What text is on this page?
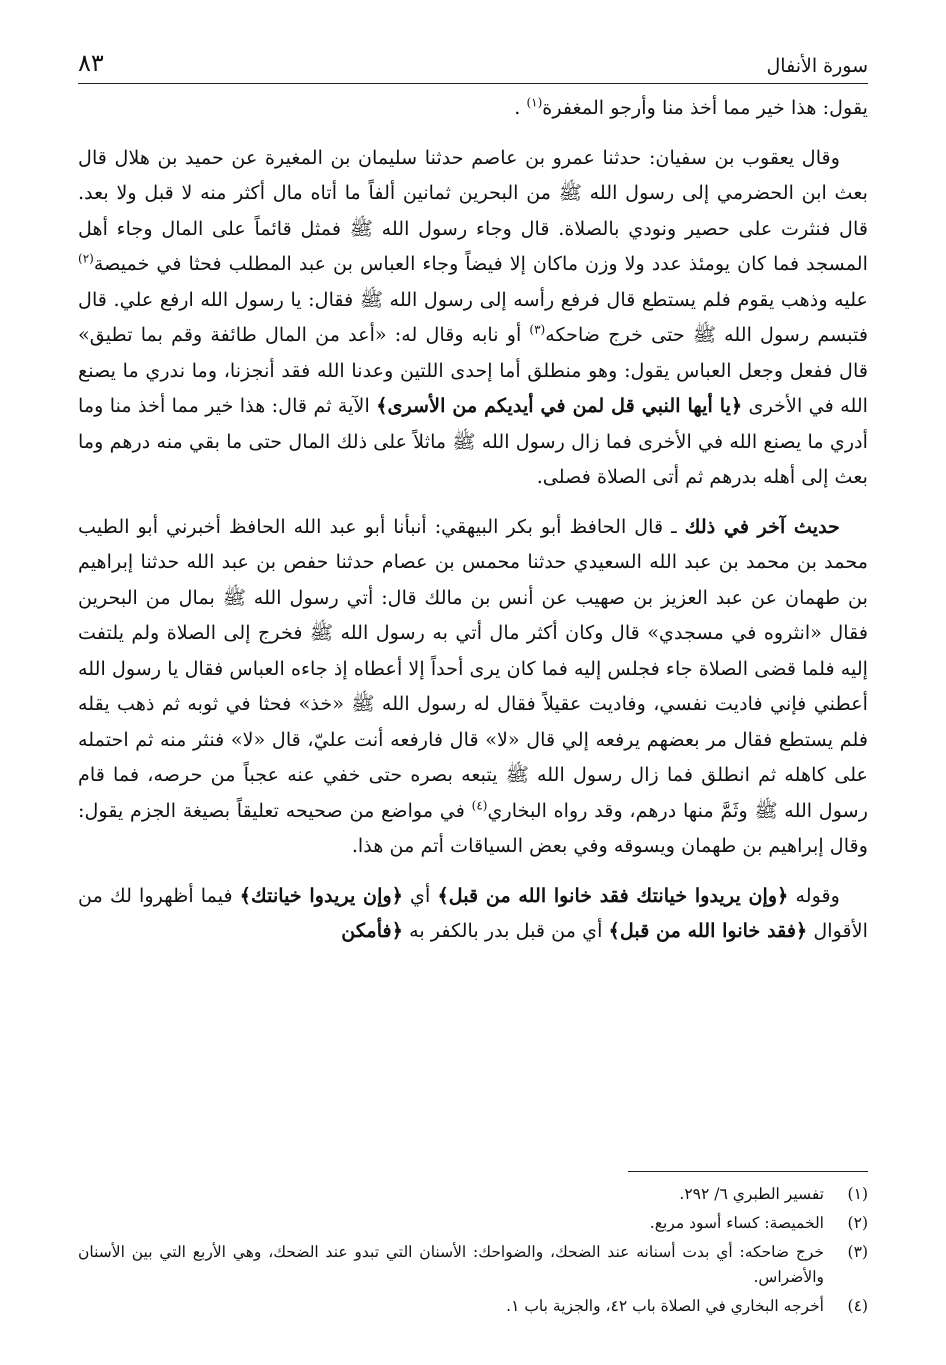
سورة الأنفال
٨٣

يقول: هذا خير مما أخذ منا وأرجو المغفرة$^{(١)}$ .

وقال يعقوب بن سفيان: حدثنا عمرو بن عاصم حدثنا سليمان بن المغيرة عن حميد بن هلال قال بعث ابن الحضرمي إلى رسول الله ﷺ من البحرين ثمانين ألفاً ما أتاه مال أكثر منه لا قبل ولا بعد. قال فنثرت على حصير ونودي بالصلاة. قال وجاء رسول الله ﷺ فمثل قائماً على المال وجاء أهل المسجد فما كان يومئذ عدد ولا وزن ماكان إلا فيضاً وجاء العباس بن عبد المطلب فحثا في خميصة$^{(٢)}$ عليه وذهب يقوم فلم يستطع قال فرفع رأسه إلى رسول الله ﷺ فقال: يا رسول الله ارفع علي. قال فتبسم رسول الله ﷺ حتى خرج ضاحكه$^{(٣)}$ أو نابه وقال له: «أعد من المال طائفة وقم بما تطيق» قال ففعل وجعل العباس يقول: وهو منطلق أما إحدى اللتين وعدنا الله فقد أنجزنا، وما ندري ما يصنع الله في الأخرى ﴿يا أيها النبي قل لمن في أيديكم من الأسرى﴾ الآية ثم قال: هذا خير مما أخذ منا وما أدري ما يصنع الله في الأخرى فما زال رسول الله ﷺ ماثلاً على ذلك المال حتى ما بقي منه درهم وما بعث إلى أهله بدرهم ثم أتى الصلاة فصلى.

حديث آخر في ذلك ـ قال الحافظ أبو بكر البيهقي: أنبأنا أبو عبد الله الحافظ أخبرني أبو الطيب محمد بن محمد بن عبد الله السعيدي حدثنا محمس بن عصام حدثنا حفص بن عبد الله حدثنا إبراهيم بن طهمان عن عبد العزيز بن صهيب عن أنس بن مالك قال: أتي رسول الله ﷺ بمال من البحرين فقال «انثروه في مسجدي» قال وكان أكثر مال أتي به رسول الله ﷺ فخرج إلى الصلاة ولم يلتفت إليه فلما قضى الصلاة جاء فجلس إليه فما كان يرى أحداً إلا أعطاه إذ جاءه العباس فقال يا رسول الله أعطني فإني فاديت نفسي، وفاديت عقيلاً فقال له رسول الله ﷺ «خذ» فحثا في ثوبه ثم ذهب يقله فلم يستطع فقال مر بعضهم يرفعه إلي قال «لا» قال فارفعه أنت عليّ، قال «لا» فنثر منه ثم احتمله على كاهله ثم انطلق فما زال رسول الله ﷺ يتبعه بصره حتى خفي عنه عجباً من حرصه، فما قام رسول الله ﷺ وثَمَّ منها درهم، وقد رواه البخاري$^{(٤)}$ في مواضع من صحيحه تعليقاً بصيغة الجزم يقول: وقال إبراهيم بن طهمان ويسوقه وفي بعض السياقات أتم من هذا.

وقوله ﴿وإن يريدوا خيانتك فقد خانوا الله من قبل﴾ أي ﴿وإن يريدوا خيانتك﴾ فيما أظهروا لك من الأقوال ﴿فقد خانوا الله من قبل﴾ أي من قبل بدر بالكفر به ﴿فأمكن

(١)
تفسير الطبري ٦/ ٢٩٢.
(٢)
الخميصة: كساء أسود مربع.
(٣)
خرج ضاحكه: أي بدت أسنانه عند الضحك، والضواحك: الأسنان التي تبدو عند الضحك، وهي الأربع التي بين الأسنان والأضراس.
(٤)
أخرجه البخاري في الصلاة باب ٤٢، والجزية باب ١.
